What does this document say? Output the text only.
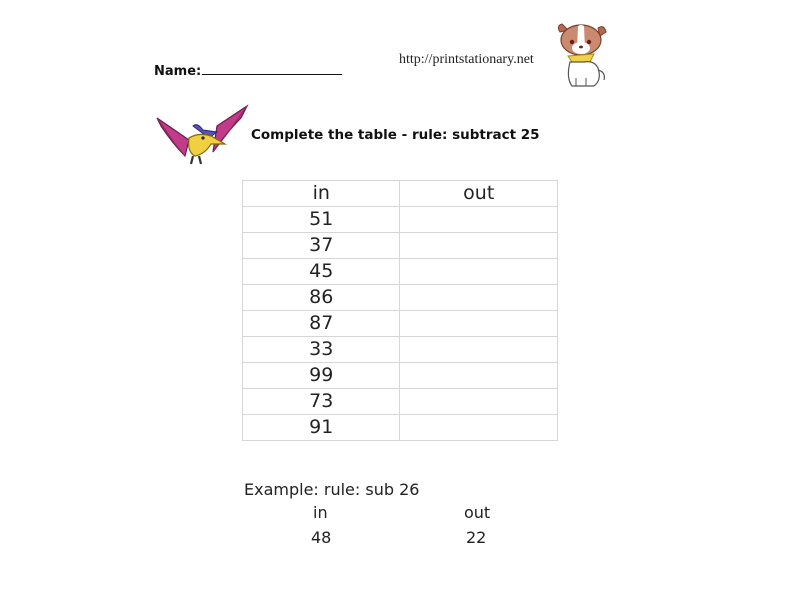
Name:
http://printstationary.net
Complete the table - rule: subtract 25
in	out
51	
37	
45	
86	
87	
33	
99	
73	
91	
Example: rule: sub 26
in	out
48	22
